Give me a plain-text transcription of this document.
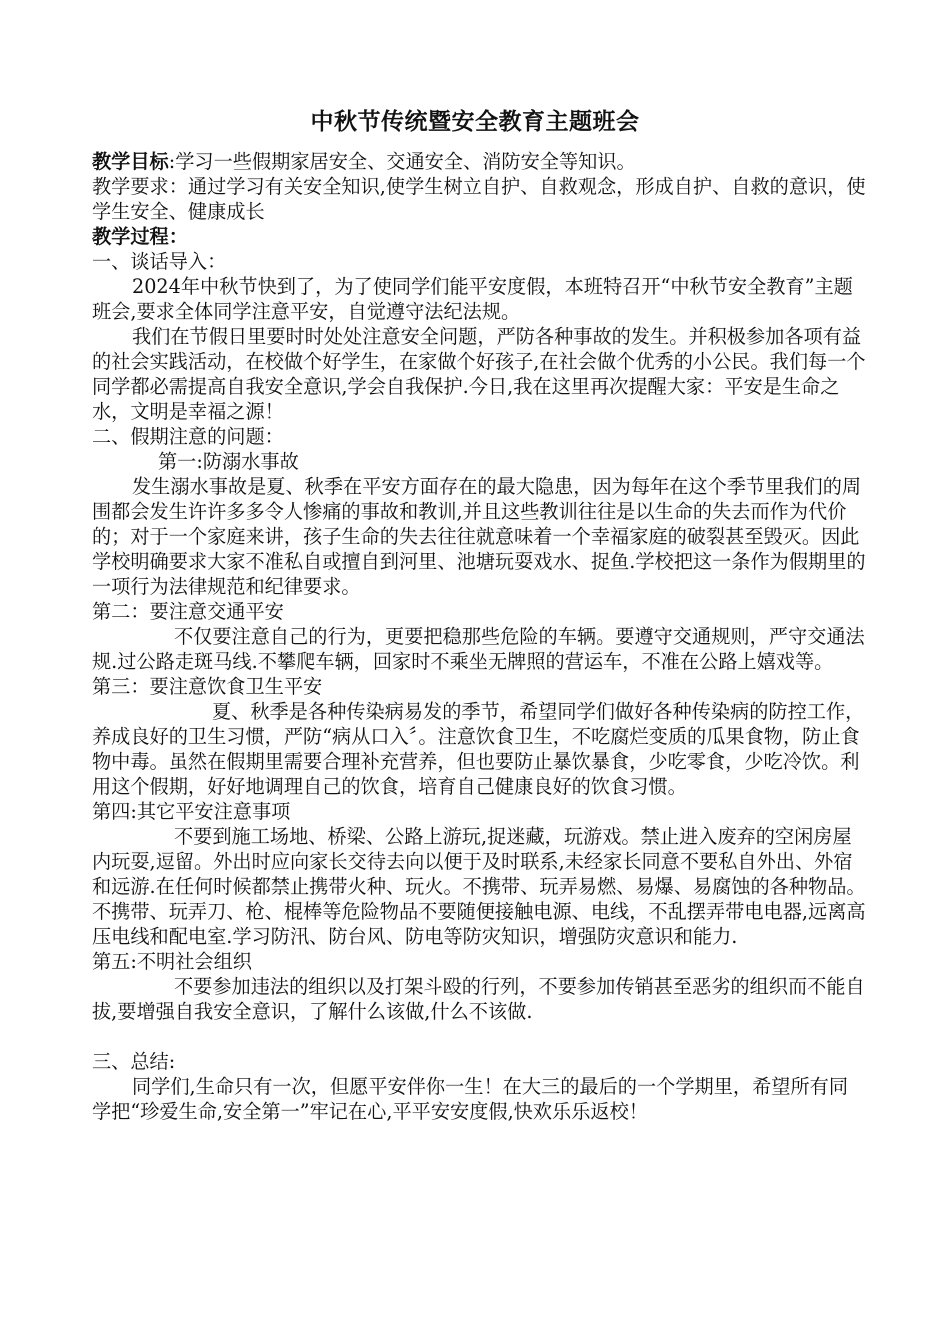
中秋节传统暨安全教育主题班会

教学目标:学习一些假期家居安全、交通安全、消防安全等知识。

教学要求：通过学习有关安全知识,使学生树立自护、自救观念，形成自护、自救的意识，使学生安全、健康成长

教学过程：

一、谈话导入：

2024年中秋节快到了，为了使同学们能平安度假，本班特召开“中秋节安全教育”主题班会,要求全体同学注意平安，自觉遵守法纪法规。

我们在节假日里要时时处处注意安全问题，严防各种事故的发生。并积极参加各项有益的社会实践活动，在校做个好学生，在家做个好孩子,在社会做个优秀的小公民。我们每一个同学都必需提高自我安全意识,学会自我保护.今日,我在这里再次提醒大家：平安是生命之水，文明是幸福之源！

二、假期注意的问题：

第一:防溺水事故

发生溺水事故是夏、秋季在平安方面存在的最大隐患，因为每年在这个季节里我们的周围都会发生许许多多令人惨痛的事故和教训,并且这些教训往往是以生命的失去而作为代价的；对于一个家庭来讲，孩子生命的失去往往就意味着一个幸福家庭的破裂甚至毁灭。因此学校明确要求大家不准私自或擅自到河里、池塘玩耍戏水、捉鱼.学校把这一条作为假期里的一项行为法律规范和纪律要求。

第二：要注意交通平安

不仅要注意自己的行为，更要把稳那些危险的车辆。要遵守交通规则，严守交通法规.过公路走斑马线.不攀爬车辆，回家时不乘坐无牌照的营运车，不准在公路上嬉戏等。

第三：要注意饮食卫生平安

夏、秋季是各种传染病易发的季节，希望同学们做好各种传染病的防控工作，养成良好的卫生习惯，严防“病从口入〞。注意饮食卫生，不吃腐烂变质的瓜果食物，防止食物中毒。虽然在假期里需要合理补充营养，但也要防止暴饮暴食，少吃零食，少吃冷饮。利用这个假期，好好地调理自己的饮食，培育自己健康良好的饮食习惯。

第四:其它平安注意事项

不要到施工场地、桥梁、公路上游玩,捉迷藏，玩游戏。禁止进入废弃的空闲房屋内玩耍,逗留。外出时应向家长交待去向以便于及时联系,未经家长同意不要私自外出、外宿和远游.在任何时候都禁止携带火种、玩火。不携带、玩弄易燃、易爆、易腐蚀的各种物品。不携带、玩弄刀、枪、棍棒等危险物品不要随便接触电源、电线，不乱摆弄带电电器,远离高压电线和配电室.学习防汛、防台风、防电等防灾知识，增强防灾意识和能力.

第五:不明社会组织

不要参加违法的组织以及打架斗殴的行列，不要参加传销甚至恶劣的组织而不能自拔,要增强自我安全意识，了解什么该做,什么不该做.

三、总结:

同学们,生命只有一次，但愿平安伴你一生！在大三的最后的一个学期里，希望所有同学把“珍爱生命,安全第一”牢记在心,平平安安度假,快欢乐乐返校！
